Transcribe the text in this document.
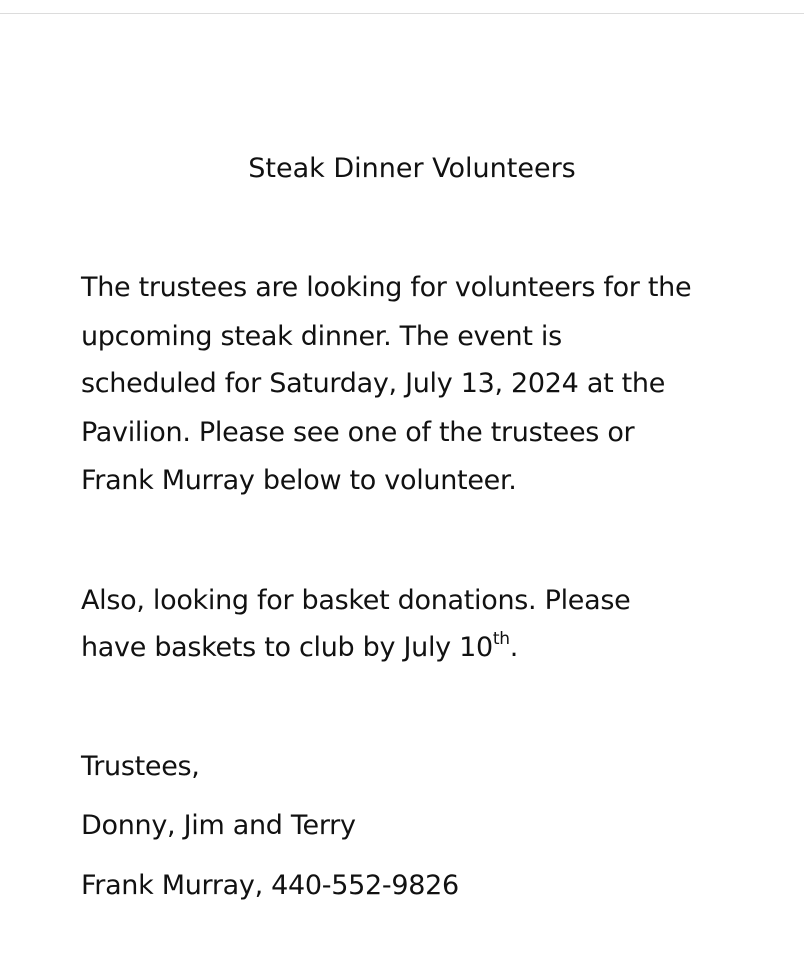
Steak Dinner Volunteers
The trustees are looking for volunteers for the
upcoming steak dinner. The event is
scheduled for Saturday, July 13, 2024 at the
Pavilion. Please see one of the trustees or
Frank Murray below to volunteer.
Also, looking for basket donations. Please
have baskets to club by July 10th.
Trustees,
Donny, Jim and Terry
Frank Murray, 440-552-9826
